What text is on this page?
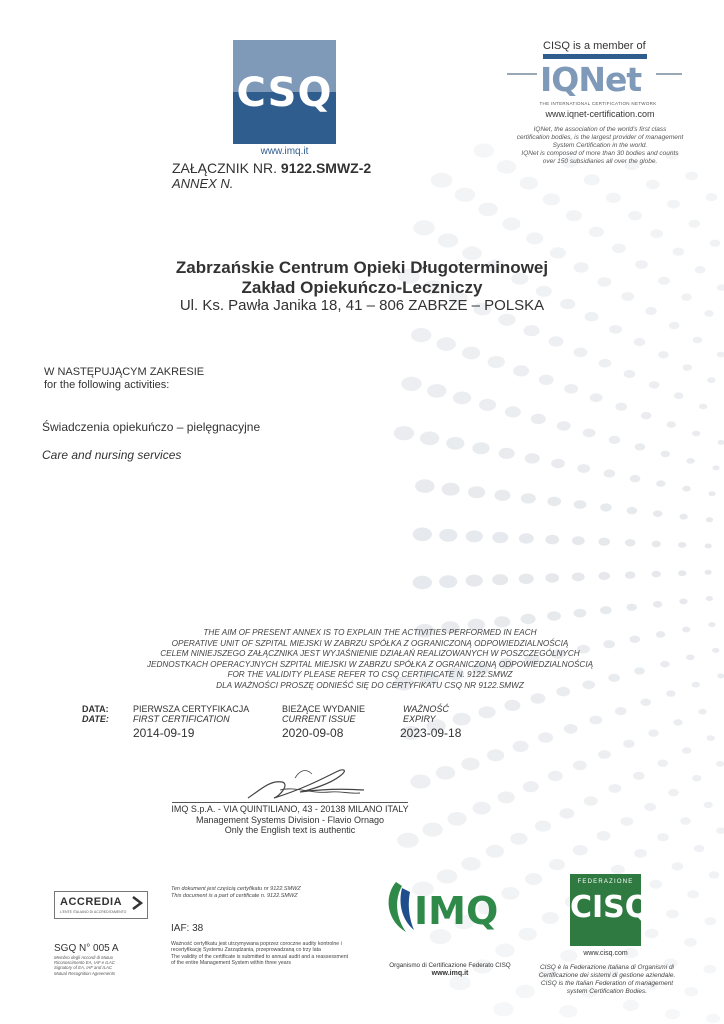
CSQ
www.imq.it
ZAŁĄCZNIK NR. 9122.SMWZ-2
ANNEX N.
CISQ is a member of
IQNet
THE INTERNATIONAL CERTIFICATION NETWORK
www.iqnet-certification.com
IQNet, the association of the world's first class
certification bodies, is the largest provider of management
System Certification in the world.
IQNet is composed of more than 30 bodies and counts
over 150 subsidiaries all over the globe.
Zabrzańskie Centrum Opieki Długoterminowej
Zakład Opiekuńczo-Leczniczy
Ul. Ks. Pawła Janika 18, 41 – 806 ZABRZE – POLSKA
W NASTĘPUJĄCYM ZAKRESIE
for the following activities:
Świadczenia opiekuńczo – pielęgnacyjne
Care and nursing services
THE AIM OF PRESENT ANNEX IS TO EXPLAIN THE ACTIVITIES PERFORMED IN EACH
OPERATIVE UNIT OF SZPITAL MIEJSKI W ZABRZU SPÓŁKA Z OGRANICZONĄ ODPOWIEDZIALNOŚCIĄ
CELEM NINIEJSZEGO ZAŁĄCZNIKA JEST WYJAŚNIENIE DZIAŁAŃ REALIZOWANYCH W POSZCZEGÓLNYCH
JEDNOSTKACH OPERACYJNYCH SZPITAL MIEJSKI W ZABRZU SPÓŁKA Z OGRANICZONĄ ODPOWIEDZIALNOŚCIĄ
FOR THE VALIDITY PLEASE REFER TO CSQ CERTIFICATE N. 9122.SMWZ
DLA WAŻNOŚCI PROSZĘ ODNIEŚĆ SIĘ DO CERTYFIKATU CSQ NR 9122.SMWZ
DATA:
DATE:
PIERWSZA CERTYFIKACJA
FIRST CERTIFICATION
2014-09-19
BIEŻĄCE WYDANIE
CURRENT ISSUE
2020-09-08
WAŻNOŚĆ
EXPIRY
2023-09-18
IMQ S.p.A. - VIA QUINTILIANO, 43 - 20138 MILANO ITALY
Management Systems Division - Flavio Ornago
Only the English text is authentic
ACCREDIA
L'ENTE ITALIANO DI ACCREDITAMENTO
SGQ N° 005 A
Membro degli Accordi di Mutuo
Riconoscimento EA, IAF e ILAC
Signatory of EA, IAF and ILAC
Mutual Recognition Agreements
Ten dokument jest częścią certyfikatu nr 9122.SMWZ
This document is a part of certificate n. 9122.SMWZ
IAF: 38
Ważność certyfikatu jest utrzymywana poprzez coroczne audity kontrolne i
recertyfikację Systemu Zarządzania, przeprowadzaną co trzy lata
The validity of the certificate is submitted to annual audit and a reassessment
of the entire Management System within three years
IMQ
Organismo di Certificazione Federato CISQ
www.imq.it
FEDERAZIONE
CISQ
www.cisq.com
CISQ è la Federazione Italiana di Organismi di
Certificazione dei sistemi di gestione aziendale.
CISQ is the Italian Federation of management
system Certification Bodies.
